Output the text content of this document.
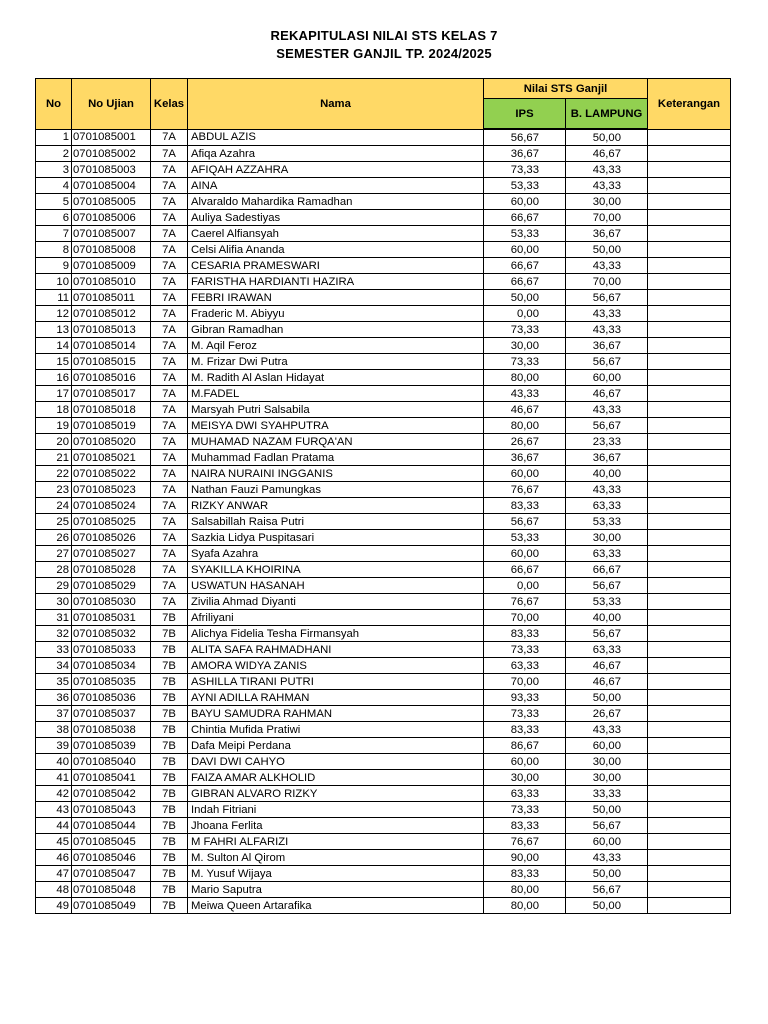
REKAPITULASI NILAI STS KELAS 7
SEMESTER GANJIL TP. 2024/2025
No	No Ujian	Kelas	Nama	Nilai STS Ganjil		Keterangan
				IPS	B. LAMPUNG	
1	0701085001	7A	ABDUL AZIS	56,67	50,00	
2	0701085002	7A	Afiqa Azahra	36,67	46,67	
3	0701085003	7A	AFIQAH AZZAHRA	73,33	43,33	
4	0701085004	7A	AINA	53,33	43,33	
5	0701085005	7A	Alvaraldo Mahardika Ramadhan	60,00	30,00	
6	0701085006	7A	Auliya Sadestiyas	66,67	70,00	
7	0701085007	7A	Caerel Alfiansyah	53,33	36,67	
8	0701085008	7A	Celsi Alifia Ananda	60,00	50,00	
9	0701085009	7A	CESARIA PRAMESWARI	66,67	43,33	
10	0701085010	7A	FARISTHA HARDIANTI HAZIRA	66,67	70,00	
11	0701085011	7A	FEBRI IRAWAN	50,00	56,67	
12	0701085012	7A	Fraderic M. Abiyyu	0,00	43,33	
13	0701085013	7A	Gibran Ramadhan	73,33	43,33	
14	0701085014	7A	M. Aqil Feroz	30,00	36,67	
15	0701085015	7A	M. Frizar Dwi Putra	73,33	56,67	
16	0701085016	7A	M. Radith Al Aslan Hidayat	80,00	60,00	
17	0701085017	7A	M.FADEL	43,33	46,67	
18	0701085018	7A	Marsyah Putri Salsabila	46,67	43,33	
19	0701085019	7A	MEISYA DWI SYAHPUTRA	80,00	56,67	
20	0701085020	7A	MUHAMAD NAZAM FURQA'AN	26,67	23,33	
21	0701085021	7A	Muhammad Fadlan Pratama	36,67	36,67	
22	0701085022	7A	NAIRA NURAINI INGGANIS	60,00	40,00	
23	0701085023	7A	Nathan Fauzi Pamungkas	76,67	43,33	
24	0701085024	7A	RIZKY ANWAR	83,33	63,33	
25	0701085025	7A	Salsabillah Raisa Putri	56,67	53,33	
26	0701085026	7A	Sazkia Lidya Puspitasari	53,33	30,00	
27	0701085027	7A	Syafa Azahra	60,00	63,33	
28	0701085028	7A	SYAKILLA KHOIRINA	66,67	66,67	
29	0701085029	7A	USWATUN HASANAH	0,00	56,67	
30	0701085030	7A	Zivilia Ahmad Diyanti	76,67	53,33	
31	0701085031	7B	Afriliyani	70,00	40,00	
32	0701085032	7B	Alichya Fidelia Tesha Firmansyah	83,33	56,67	
33	0701085033	7B	ALITA SAFA RAHMADHANI	73,33	63,33	
34	0701085034	7B	AMORA WIDYA ZANIS	63,33	46,67	
35	0701085035	7B	ASHILLA TIRANI PUTRI	70,00	46,67	
36	0701085036	7B	AYNI ADILLA RAHMAN	93,33	50,00	
37	0701085037	7B	BAYU SAMUDRA RAHMAN	73,33	26,67	
38	0701085038	7B	Chintia Mufida Pratiwi	83,33	43,33	
39	0701085039	7B	Dafa Meipi Perdana	86,67	60,00	
40	0701085040	7B	DAVI DWI CAHYO	60,00	30,00	
41	0701085041	7B	FAIZA AMAR ALKHOLID	30,00	30,00	
42	0701085042	7B	GIBRAN ALVARO RIZKY	63,33	33,33	
43	0701085043	7B	Indah Fitriani	73,33	50,00	
44	0701085044	7B	Jhoana Ferlita	83,33	56,67	
45	0701085045	7B	M FAHRI ALFARIZI	76,67	60,00	
46	0701085046	7B	M. Sulton Al Qirom	90,00	43,33	
47	0701085047	7B	M. Yusuf Wijaya	83,33	50,00	
48	0701085048	7B	Mario Saputra	80,00	56,67	
49	0701085049	7B	Meiwa Queen Artarafika	80,00	50,00	
